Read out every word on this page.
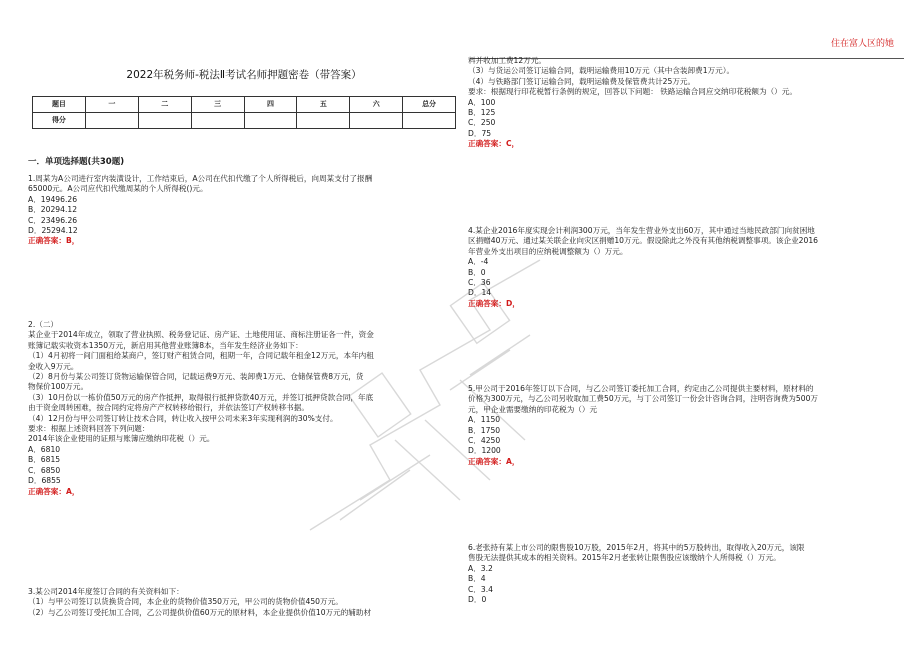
住在富人区的她
2022年税务师-税法Ⅱ考试名师押题密卷（带答案）
题目	一	二	三	四	五	六	总分
得分							
一．单项选择题(共30题)

1.周某为A公司进行室内装潢设计，工作结束后，A公司在代扣代缴了个人所得税后，向周某支付了报酬

65000元。A公司应代扣代缴周某的个人所得税()元。

A．19496.26

B．20294.12

C．23496.26

D．25294.12

正确答案：B，

2.（二）

某企业于2014年成立，领取了营业执照、税务登记证、房产证、土地使用证、商标注册证各一件，资金

账簿记载实收资本1350万元，新启用其他营业账簿8本，当年发生经济业务如下：

（1）4月初将一间门面租给某商户，签订财产租赁合同，租期一年，合同记载年租金12万元，本年内租

金收入9万元。

（2）8月份与某公司签订货物运输保管合同，记载运费9万元、装卸费1万元、仓储保管费8万元，货

物保价100万元。

（3）10月份以一栋价值50万元的房产作抵押，取得银行抵押贷款40万元，并签订抵押贷款合同，年底

由于资金周转困难，按合同约定将房产产权转移给银行，并依法签订产权转移书据。

（4）12月份与甲公司签订转让技术合同，转让收入按甲公司未来3年实现利润的30%支付。

要求：根据上述资料回答下列问题：

2014年该企业使用的证照与账簿应缴纳印花税（）元。

A．6810

B．6815

C．6850

D．6855

正确答案：A，

3.某公司2014年度签订合同的有关资料如下：

（1）与甲公司签订以货换货合同，本企业的货物价值350万元，甲公司的货物价值450万元。

（2）与乙公司签订受托加工合同，乙公司提供价值60万元的原材料，本企业提供价值10万元的辅助材

料并收加工费12万元。

（3）与货运公司签订运输合同，载明运输费用10万元（其中含装卸费1万元）。

（4）与铁路部门签订运输合同，载明运输费及保管费共计25万元。

要求：根据现行印花税暂行条例的规定，回答以下问题： 铁路运输合同应交纳印花税额为（）元。

A．100

B．125

C．250

D．75

正确答案：C，

4.某企业2016年度实现会计利润300万元，当年发生营业外支出60万，其中通过当地民政部门向贫困地

区捐赠40万元、通过某关联企业向灾区捐赠10万元。假设除此之外没有其他纳税调整事项。该企业2016

年营业外支出项目的应纳税调整额为（）万元。

A．-4

B．0

C．36

D．14

正确答案：D，

5.甲公司于2016年签订以下合同，与乙公司签订委托加工合同，约定由乙公司提供主要材料，原材料的

价格为300万元，与乙公司另收取加工费50万元，与丁公司签订一份会计咨询合同，注明咨询费为500万

元，甲企业需要缴纳的印花税为（）元

A．1150

B．1750

C．4250

D．1200

正确答案：A，

6.老张持有某上市公司的限售股10万股，2015年2月，将其中的5万股转出，取得收入20万元，该限

售股无法提供其成本的相关资料。2015年2月老张转让限售股应该缴纳个人所得税（）万元。

A．3.2

B．4

C．3.4

D．0
